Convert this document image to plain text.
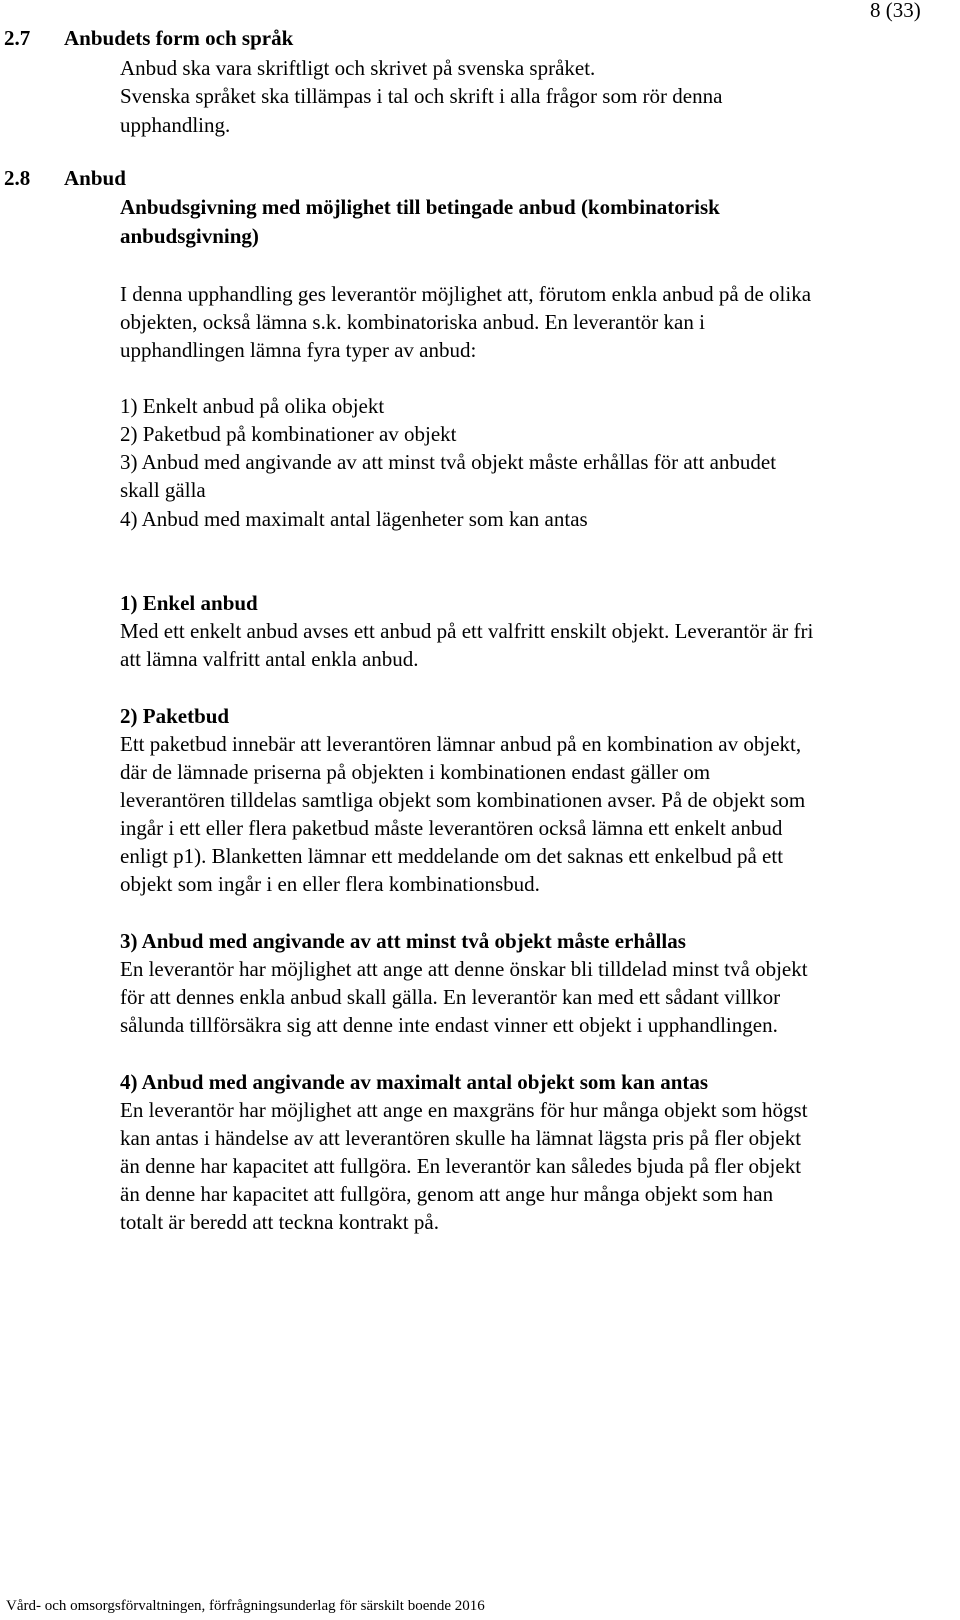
8 (33)
2.7 Anbudets form och språk
Anbud ska vara skriftligt och skrivet på svenska språket.
Svenska språket ska tillämpas i tal och skrift i alla frågor som rör denna
upphandling.
2.8 Anbud
Anbudsgivning med möjlighet till betingade anbud (kombinatorisk
anbudsgivning)
I denna upphandling ges leverantör möjlighet att, förutom enkla anbud på de olika
objekten, också lämna s.k. kombinatoriska anbud. En leverantör kan i
upphandlingen lämna fyra typer av anbud:
1) Enkelt anbud på olika objekt
2) Paketbud på kombinationer av objekt
3) Anbud med angivande av att minst två objekt måste erhållas för att anbudet
skall gälla
4) Anbud med maximalt antal lägenheter som kan antas
1) Enkel anbud
Med ett enkelt anbud avses ett anbud på ett valfritt enskilt objekt. Leverantör är fri
att lämna valfritt antal enkla anbud.
2) Paketbud
Ett paketbud innebär att leverantören lämnar anbud på en kombination av objekt,
där de lämnade priserna på objekten i kombinationen endast gäller om
leverantören tilldelas samtliga objekt som kombinationen avser. På de objekt som
ingår i ett eller flera paketbud måste leverantören också lämna ett enkelt anbud
enligt p1). Blanketten lämnar ett meddelande om det saknas ett enkelbud på ett
objekt som ingår i en eller flera kombinationsbud.
3) Anbud med angivande av att minst två objekt måste erhållas
En leverantör har möjlighet att ange att denne önskar bli tilldelad minst två objekt
för att dennes enkla anbud skall gälla. En leverantör kan med ett sådant villkor
sålunda tillförsäkra sig att denne inte endast vinner ett objekt i upphandlingen.
4) Anbud med angivande av maximalt antal objekt som kan antas
En leverantör har möjlighet att ange en maxgräns för hur många objekt som högst
kan antas i händelse av att leverantören skulle ha lämnat lägsta pris på fler objekt
än denne har kapacitet att fullgöra. En leverantör kan således bjuda på fler objekt
än denne har kapacitet att fullgöra, genom att ange hur många objekt som han
totalt är beredd att teckna kontrakt på.
Vård- och omsorgsförvaltningen, förfrågningsunderlag för särskilt boende 2016
